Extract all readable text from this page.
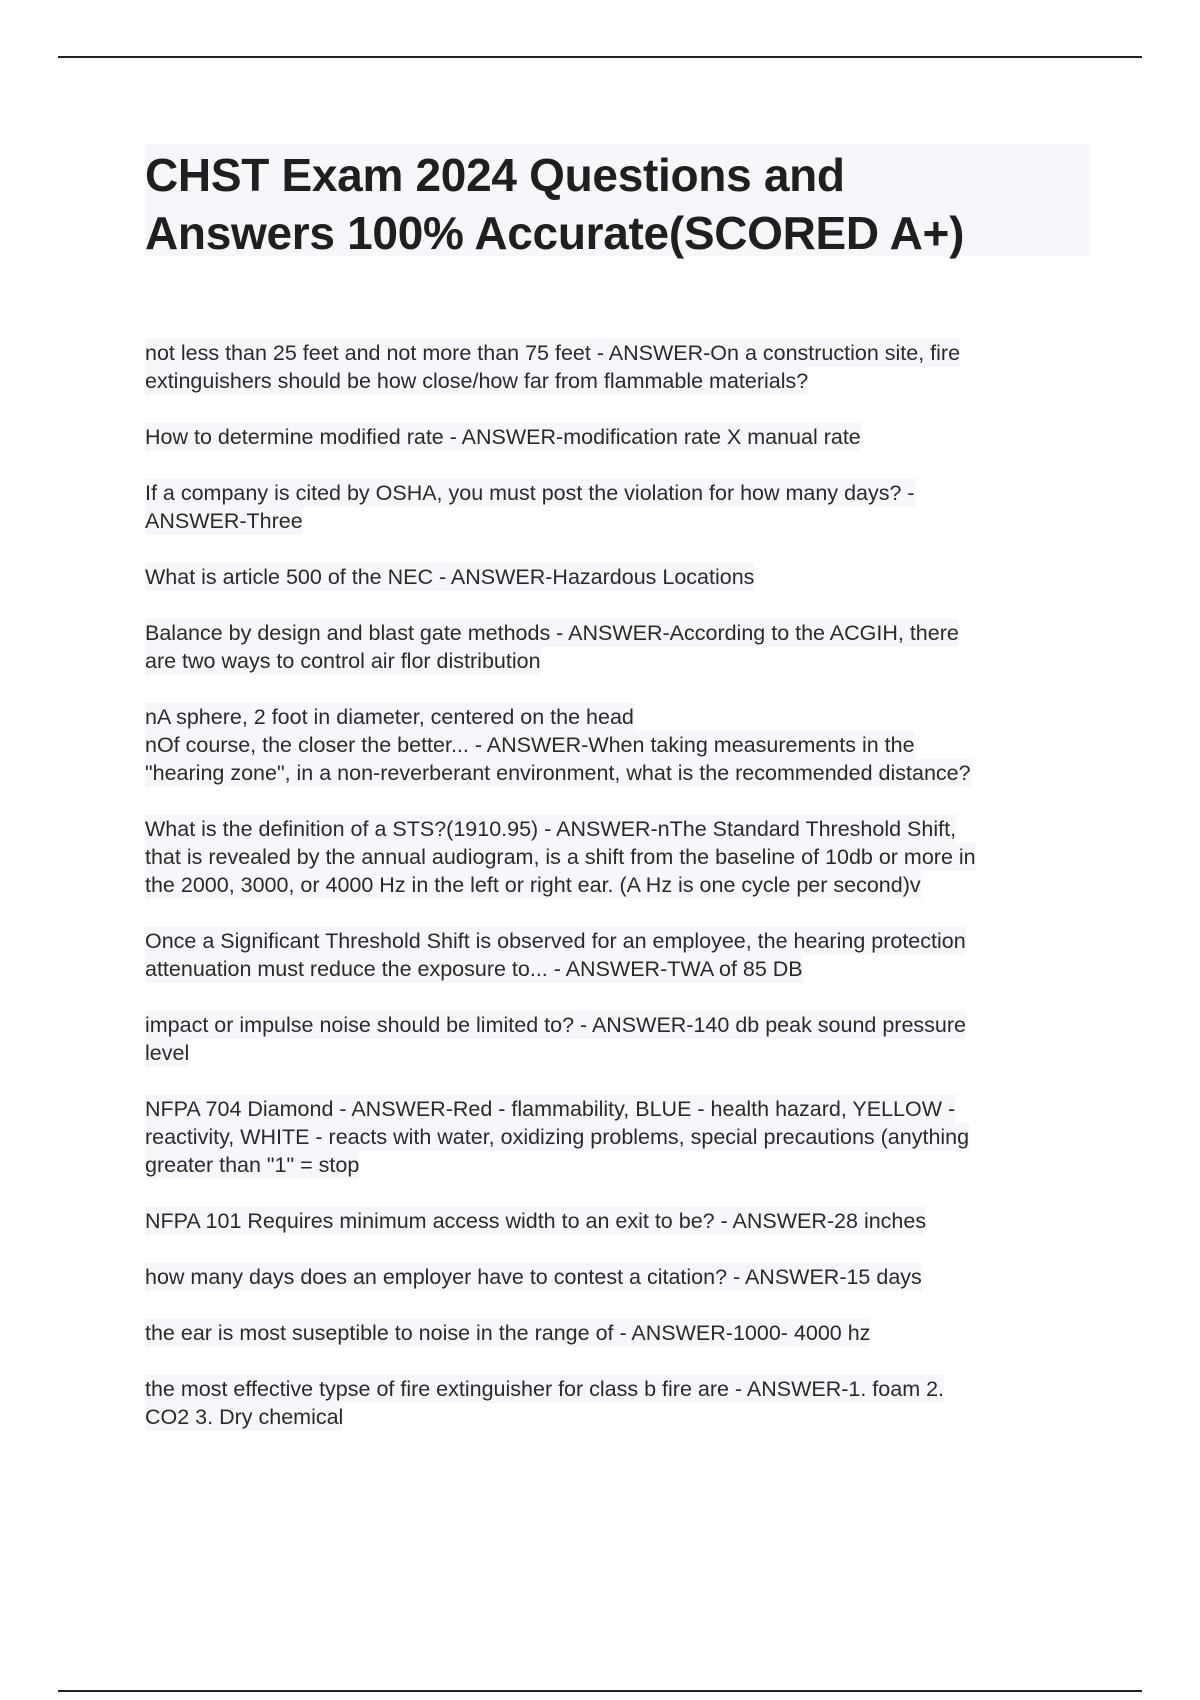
CHST Exam 2024 Questions and
Answers 100% Accurate(SCORED A+)
not less than 25 feet and not more than 75 feet - ANSWER-On a construction site, fire
extinguishers should be how close/how far from flammable materials?
How to determine modified rate - ANSWER-modification rate X manual rate
If a company is cited by OSHA, you must post the violation for how many days? -
ANSWER-Three
What is article 500 of the NEC - ANSWER-Hazardous Locations
Balance by design and blast gate methods - ANSWER-According to the ACGIH, there
are two ways to control air flor distribution
nA sphere, 2 foot in diameter, centered on the head
nOf course, the closer the better... - ANSWER-When taking measurements in the
"hearing zone", in a non-reverberant environment, what is the recommended distance?
What is the definition of a STS?(1910.95) - ANSWER-nThe Standard Threshold Shift,
that is revealed by the annual audiogram, is a shift from the baseline of 10db or more in
the 2000, 3000, or 4000 Hz in the left or right ear. (A Hz is one cycle per second)v
Once a Significant Threshold Shift is observed for an employee, the hearing protection
attenuation must reduce the exposure to... - ANSWER-TWA of 85 DB
impact or impulse noise should be limited to? - ANSWER-140 db peak sound pressure
level
NFPA 704 Diamond - ANSWER-Red - flammability, BLUE - health hazard, YELLOW -
reactivity, WHITE - reacts with water, oxidizing problems, special precautions (anything
greater than "1" = stop
NFPA 101 Requires minimum access width to an exit to be? - ANSWER-28 inches
how many days does an employer have to contest a citation? - ANSWER-15 days
the ear is most suseptible to noise in the range of - ANSWER-1000- 4000 hz
the most effective typse of fire extinguisher for class b fire are - ANSWER-1. foam 2.
CO2 3. Dry chemical
